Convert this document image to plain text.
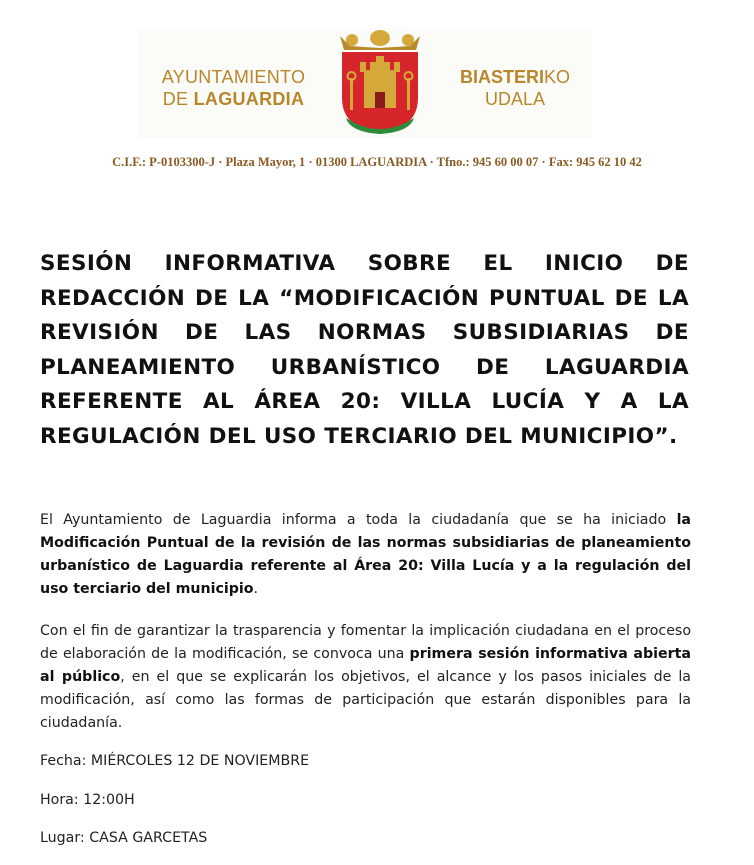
AYUNTAMIENTO
DE LAGUARDIA
BIASTERIKO
UDALA
C.I.F.: P-0103300-J · Plaza Mayor, 1 · 01300 LAGUARDIA · Tfno.: 945 60 00 07 · Fax: 945 62 10 42
SESIÓN INFORMATIVA SOBRE EL INICIO DE REDACCIÓN DE LA “MODIFICACIÓN PUNTUAL DE LA REVISIÓN DE LAS NORMAS SUBSIDIARIAS DE PLANEAMIENTO URBANÍSTICO DE LAGUARDIA REFERENTE AL ÁREA 20: VILLA LUCÍA Y A LA REGULACIÓN DEL USO TERCIARIO DEL MUNICIPIO”.
El Ayuntamiento de Laguardia informa a toda la ciudadanía que se ha iniciado la Modificación Puntual de la revisión de las normas subsidiarias de planeamiento urbanístico de Laguardia referente al Área 20: Villa Lucía y a la regulación del uso terciario del municipio.
Con el fin de garantizar la trasparencia y fomentar la implicación ciudadana en el proceso de elaboración de la modificación, se convoca una primera sesión informativa abierta al público, en el que se explicarán los objetivos, el alcance y los pasos iniciales de la modificación, así como las formas de participación que estarán disponibles para la ciudadanía.
Fecha: MIÉRCOLES 12 DE NOVIEMBRE
Hora: 12:00H
Lugar: CASA GARCETAS
